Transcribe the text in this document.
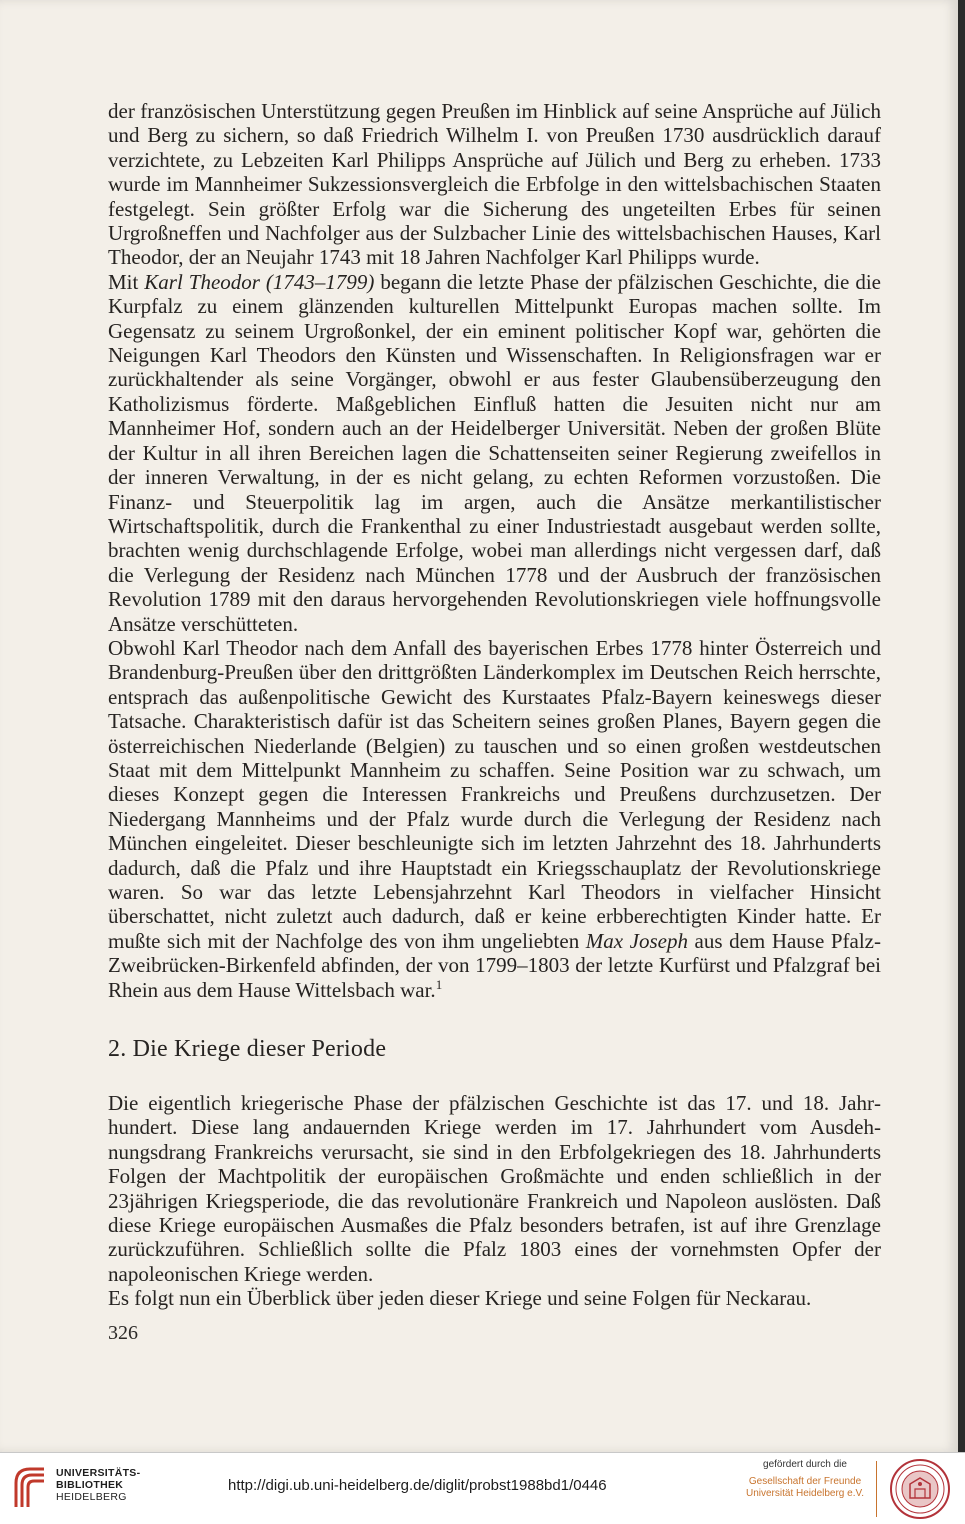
der französischen Unterstützung gegen Preußen im Hinblick auf seine Ansprüche auf Jülich und Berg zu sichern, so daß Friedrich Wilhelm I. von Preußen 1730 ausdrücklich darauf verzichtete, zu Lebzeiten Karl Philipps Ansprüche auf Jülich und Berg zu erheben. 1733 wurde im Mannheimer Sukzessionsvergleich die Erbfolge in den wittelsbachischen Staaten festgelegt. Sein größter Erfolg war die Sicherung des ungeteilten Erbes für seinen Urgroßneffen und Nachfolger aus der Sulzbacher Linie des wittelsbachischen Hauses, Karl Theodor, der an Neujahr 1743 mit 18 Jahren Nachfolger Karl Philipps wurde.

Mit Karl Theodor (1743–1799) begann die letzte Phase der pfälzischen Geschichte, die die Kurpfalz zu einem glänzenden kulturellen Mittelpunkt Europas machen sollte. Im Gegensatz zu seinem Urgroßonkel, der ein eminent politischer Kopf war, gehörten die Neigungen Karl Theodors den Künsten und Wissenschaften. In Religionsfragen war er zurückhaltender als seine Vorgänger, obwohl er aus fester Glaubensüberzeugung den Katholizismus förderte. Maßgeblichen Einfluß hatten die Jesuiten nicht nur am Mannheimer Hof, sondern auch an der Heidelberger Universität. Neben der großen Blüte der Kultur in all ihren Bereichen lagen die Schattenseiten seiner Regierung zweifellos in der inneren Verwaltung, in der es nicht gelang, zu echten Reformen vorzustoßen. Die Finanz- und Steuerpolitik lag im argen, auch die Ansätze merkantilistischer Wirtschaftspolitik, durch die Frankenthal zu einer Industriestadt ausgebaut werden sollte, brachten wenig durchschlagende Erfolge, wobei man allerdings nicht vergessen darf, daß die Verlegung der Residenz nach München 1778 und der Ausbruch der französischen Revolution 1789 mit den daraus hervorgehenden Revolutionskriegen viele hoffnungsvolle Ansätze verschütteten.

Obwohl Karl Theodor nach dem Anfall des bayerischen Erbes 1778 hinter Österreich und Brandenburg-Preußen über den drittgrößten Länderkomplex im Deutschen Reich herrschte, entsprach das außenpolitische Gewicht des Kurstaates Pfalz-Bayern keineswegs dieser Tatsache. Charakteristisch dafür ist das Scheitern seines großen Planes, Bayern gegen die österreichischen Niederlande (Belgien) zu tauschen und so einen großen westdeutschen Staat mit dem Mittelpunkt Mannheim zu schaffen. Seine Position war zu schwach, um dieses Konzept gegen die Interessen Frankreichs und Preußens durchzusetzen. Der Niedergang Mannheims und der Pfalz wurde durch die Verlegung der Residenz nach München eingeleitet. Dieser beschleunigte sich im letzten Jahrzehnt des 18. Jahrhunderts dadurch, daß die Pfalz und ihre Hauptstadt ein Kriegsschauplatz der Revolutionskriege waren. So war das letzte Lebensjahrzehnt Karl Theodors in vielfacher Hinsicht überschattet, nicht zuletzt auch dadurch, daß er keine erbberechtigten Kinder hatte. Er mußte sich mit der Nachfolge des von ihm ungeliebten Max Joseph aus dem Hause Pfalz-Zweibrücken-Birkenfeld abfinden, der von 1799–1803 der letzte Kurfürst und Pfalzgraf bei Rhein aus dem Hause Wittelsbach war.$^1$

2. Die Kriege dieser Periode

Die eigentlich kriegerische Phase der pfälzischen Geschichte ist das 17. und 18. Jahrhundert. Diese lang andauernden Kriege werden im 17. Jahrhundert vom Ausdehnungsdrang Frankreichs verursacht, sie sind in den Erbfolgekriegen des 18. Jahrhunderts Folgen der Machtpolitik der europäischen Großmächte und enden schließlich in der 23jährigen Kriegsperiode, die das revolutionäre Frankreich und Napoleon auslösten. Daß diese Kriege europäischen Ausmaßes die Pfalz besonders betrafen, ist auf ihre Grenzlage zurückzuführen. Schließlich sollte die Pfalz 1803 eines der vornehmsten Opfer der napoleonischen Kriege werden.

Es folgt nun ein Überblick über jeden dieser Kriege und seine Folgen für Neckarau.

326
UNIVERSITÄTS-
BIBLIOTHEK
HEIDELBERG
http://digi.ub.uni-heidelberg.de/diglit/probst1988bd1/0446
gefördert durch die
Gesellschaft der Freunde
Universität Heidelberg e.V.
